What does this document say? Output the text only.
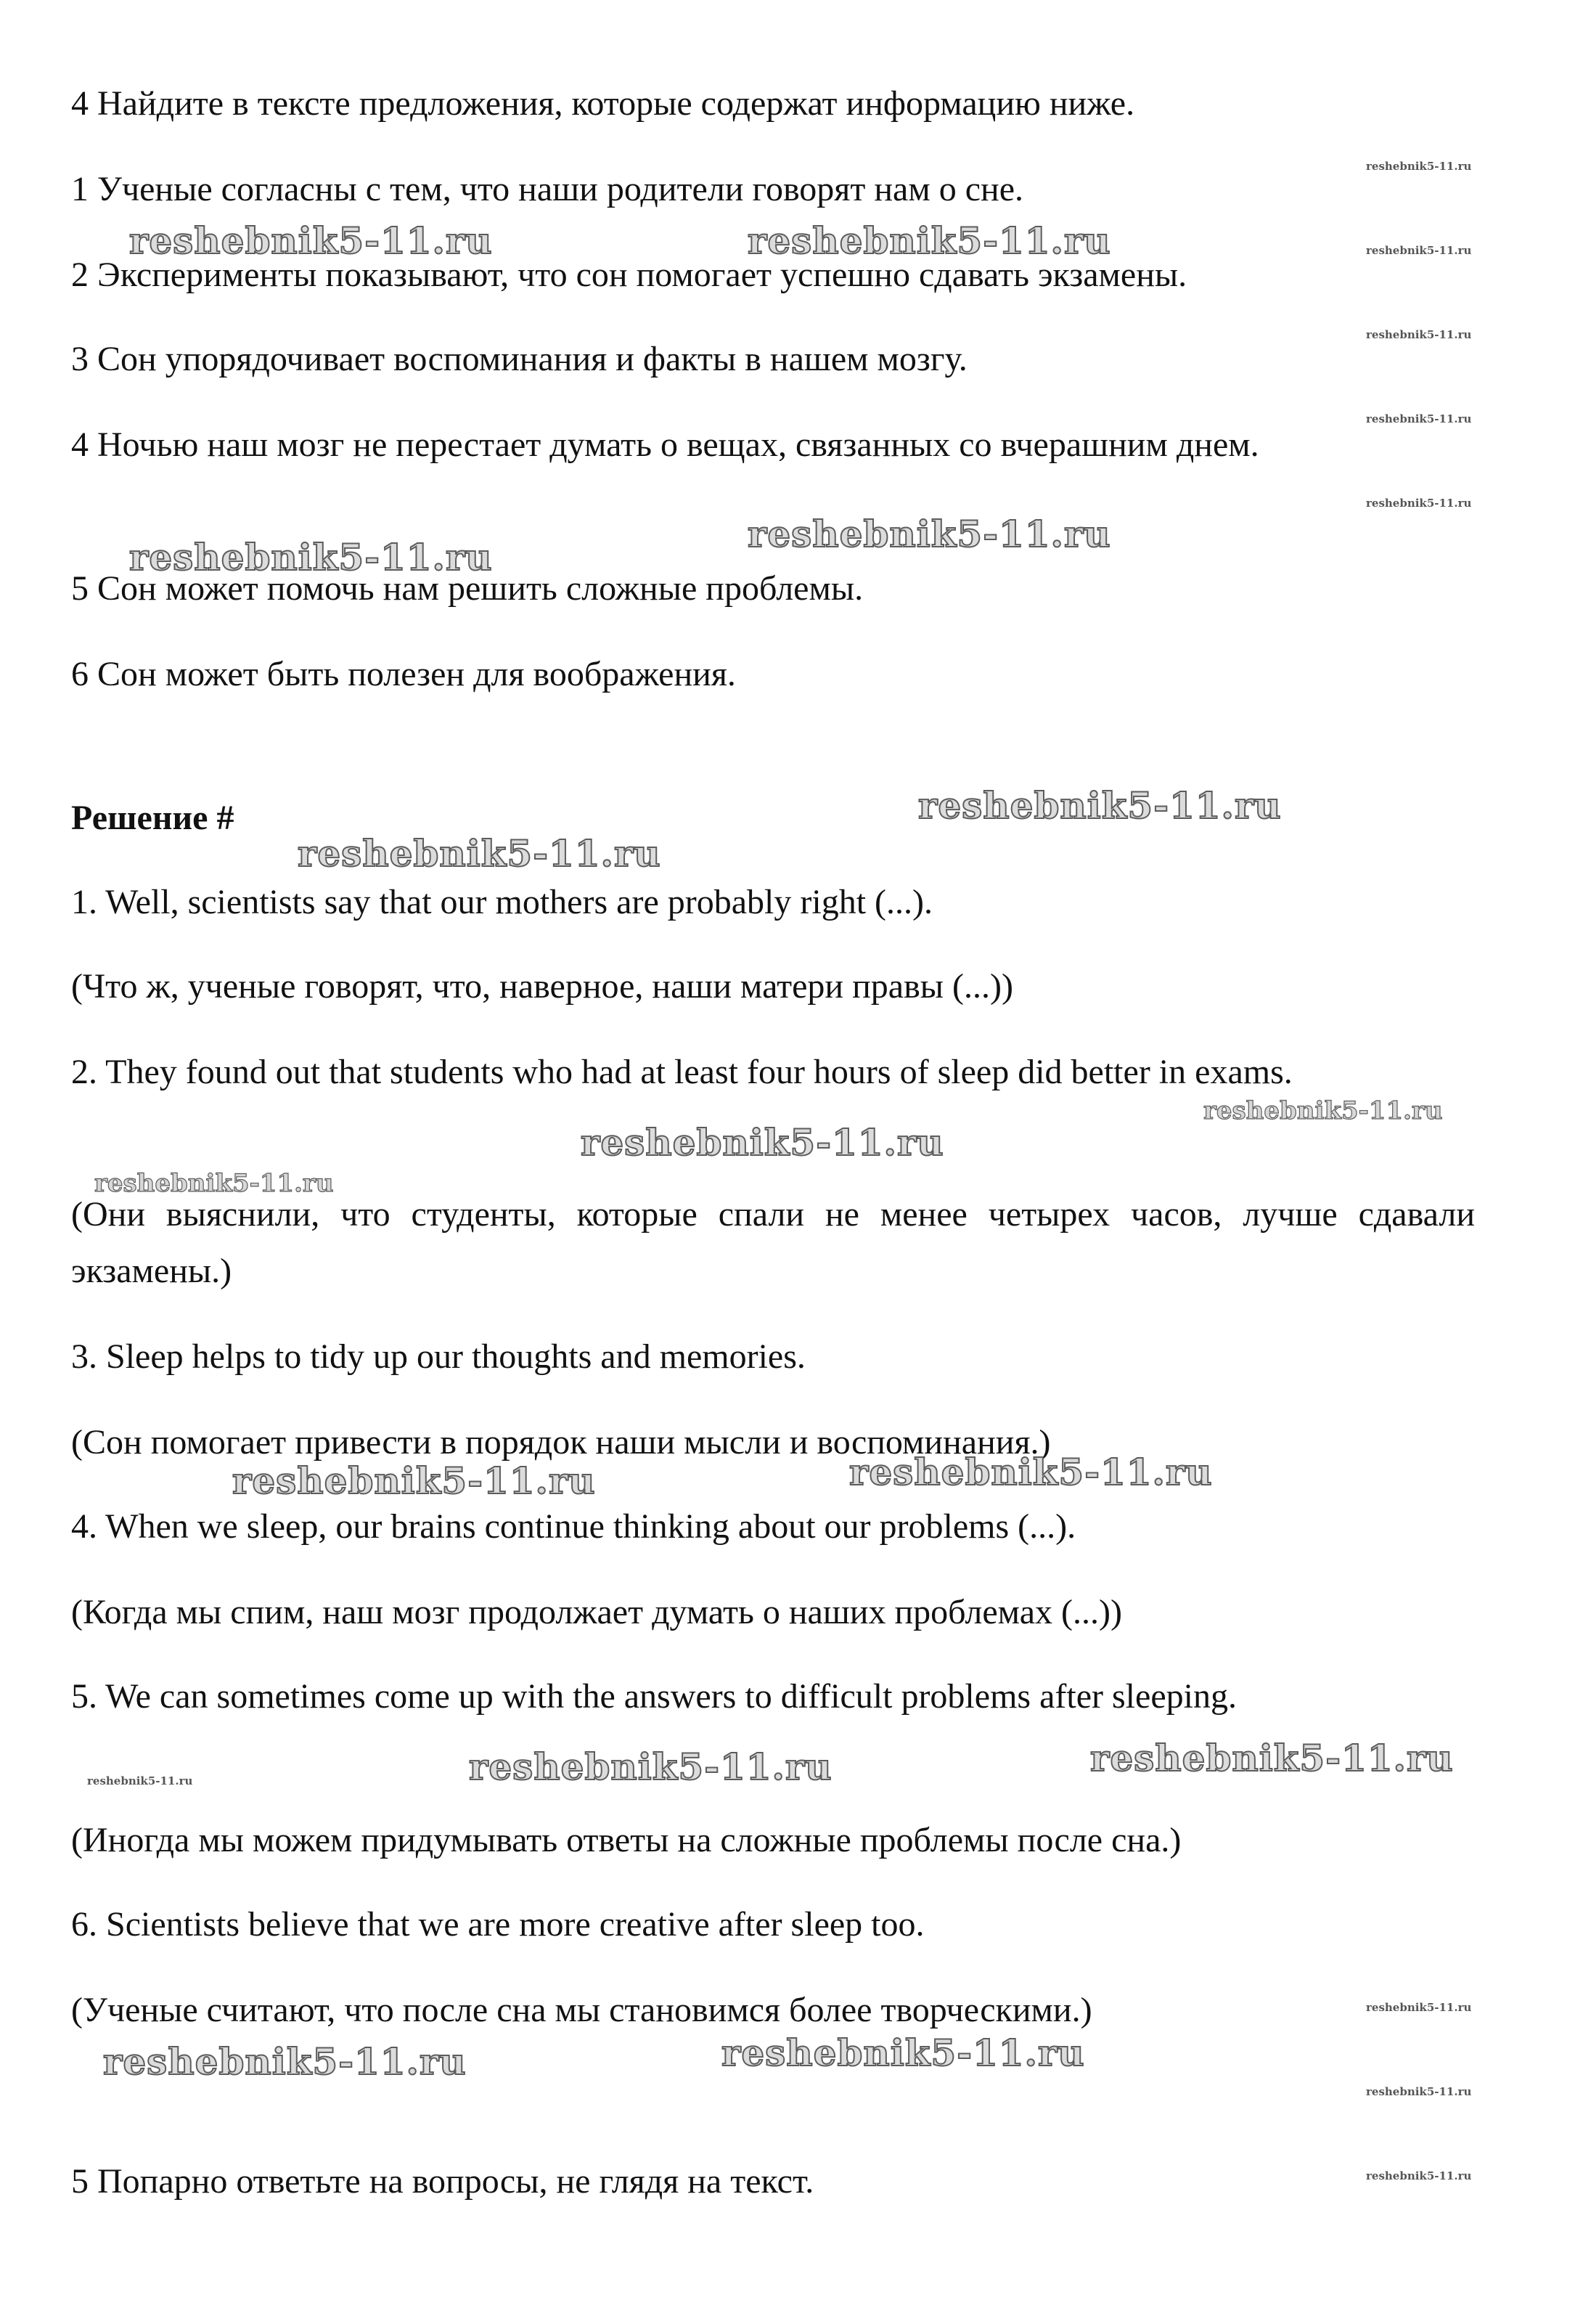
4 Найдите в тексте предложения, которые содержат информацию ниже.

1 Ученые согласны с тем, что наши родители говорят нам о сне.

2 Эксперименты показывают, что сон помогает успешно сдавать экзамены.

3 Сон упорядочивает воспоминания и факты в нашем мозгу.

4 Ночью наш мозг не перестает думать о вещах, связанных со вчерашним днем.

5 Сон может помочь нам решить сложные проблемы.

6 Сон может быть полезен для воображения.

Решение #

1. Well, scientists say that our mothers are probably right (...).

(Что ж, ученые говорят, что, наверное, наши матери правы (...))

2. They found out that students who had at least four hours of sleep did better in exams.

(Они выяснили, что студенты, которые спали не менее четырех часов, лучше сдавали экзамены.)

3. Sleep helps to tidy up our thoughts and memories.

(Сон помогает привести в порядок наши мысли и воспоминания.)

4. When we sleep, our brains continue thinking about our problems (...).

(Когда мы спим, наш мозг продолжает думать о наших проблемах (...))

5. We can sometimes come up with the answers to difficult problems after sleeping.

(Иногда мы можем придумывать ответы на сложные проблемы после сна.)

6. Scientists believe that we are more creative after sleep too.

(Ученые считают, что после сна мы становимся более творческими.)

5 Попарно ответьте на вопросы, не глядя на текст.

reshebnik5-11.ru	reshebnik5-11.ru
reshebnik5-11.ru
reshebnik5-11.ru
reshebnik5-11.ru
reshebnik5-11.ru
reshebnik5-11.ru
reshebnik5-11.ru	reshebnik5-11.ru
reshebnik5-11.ru	reshebnik5-11.ru
reshebnik5-11.ru	reshebnik5-11.ru
reshebnik5-11.ru
reshebnik5-11.ru
reshebnik5-11.ru
reshebnik5-11.ru
reshebnik5-11.ru
reshebnik5-11.ru
reshebnik5-11.ru
reshebnik5-11.ru
reshebnik5-11.ru
reshebnik5-11.ru
reshebnik5-11.ru
